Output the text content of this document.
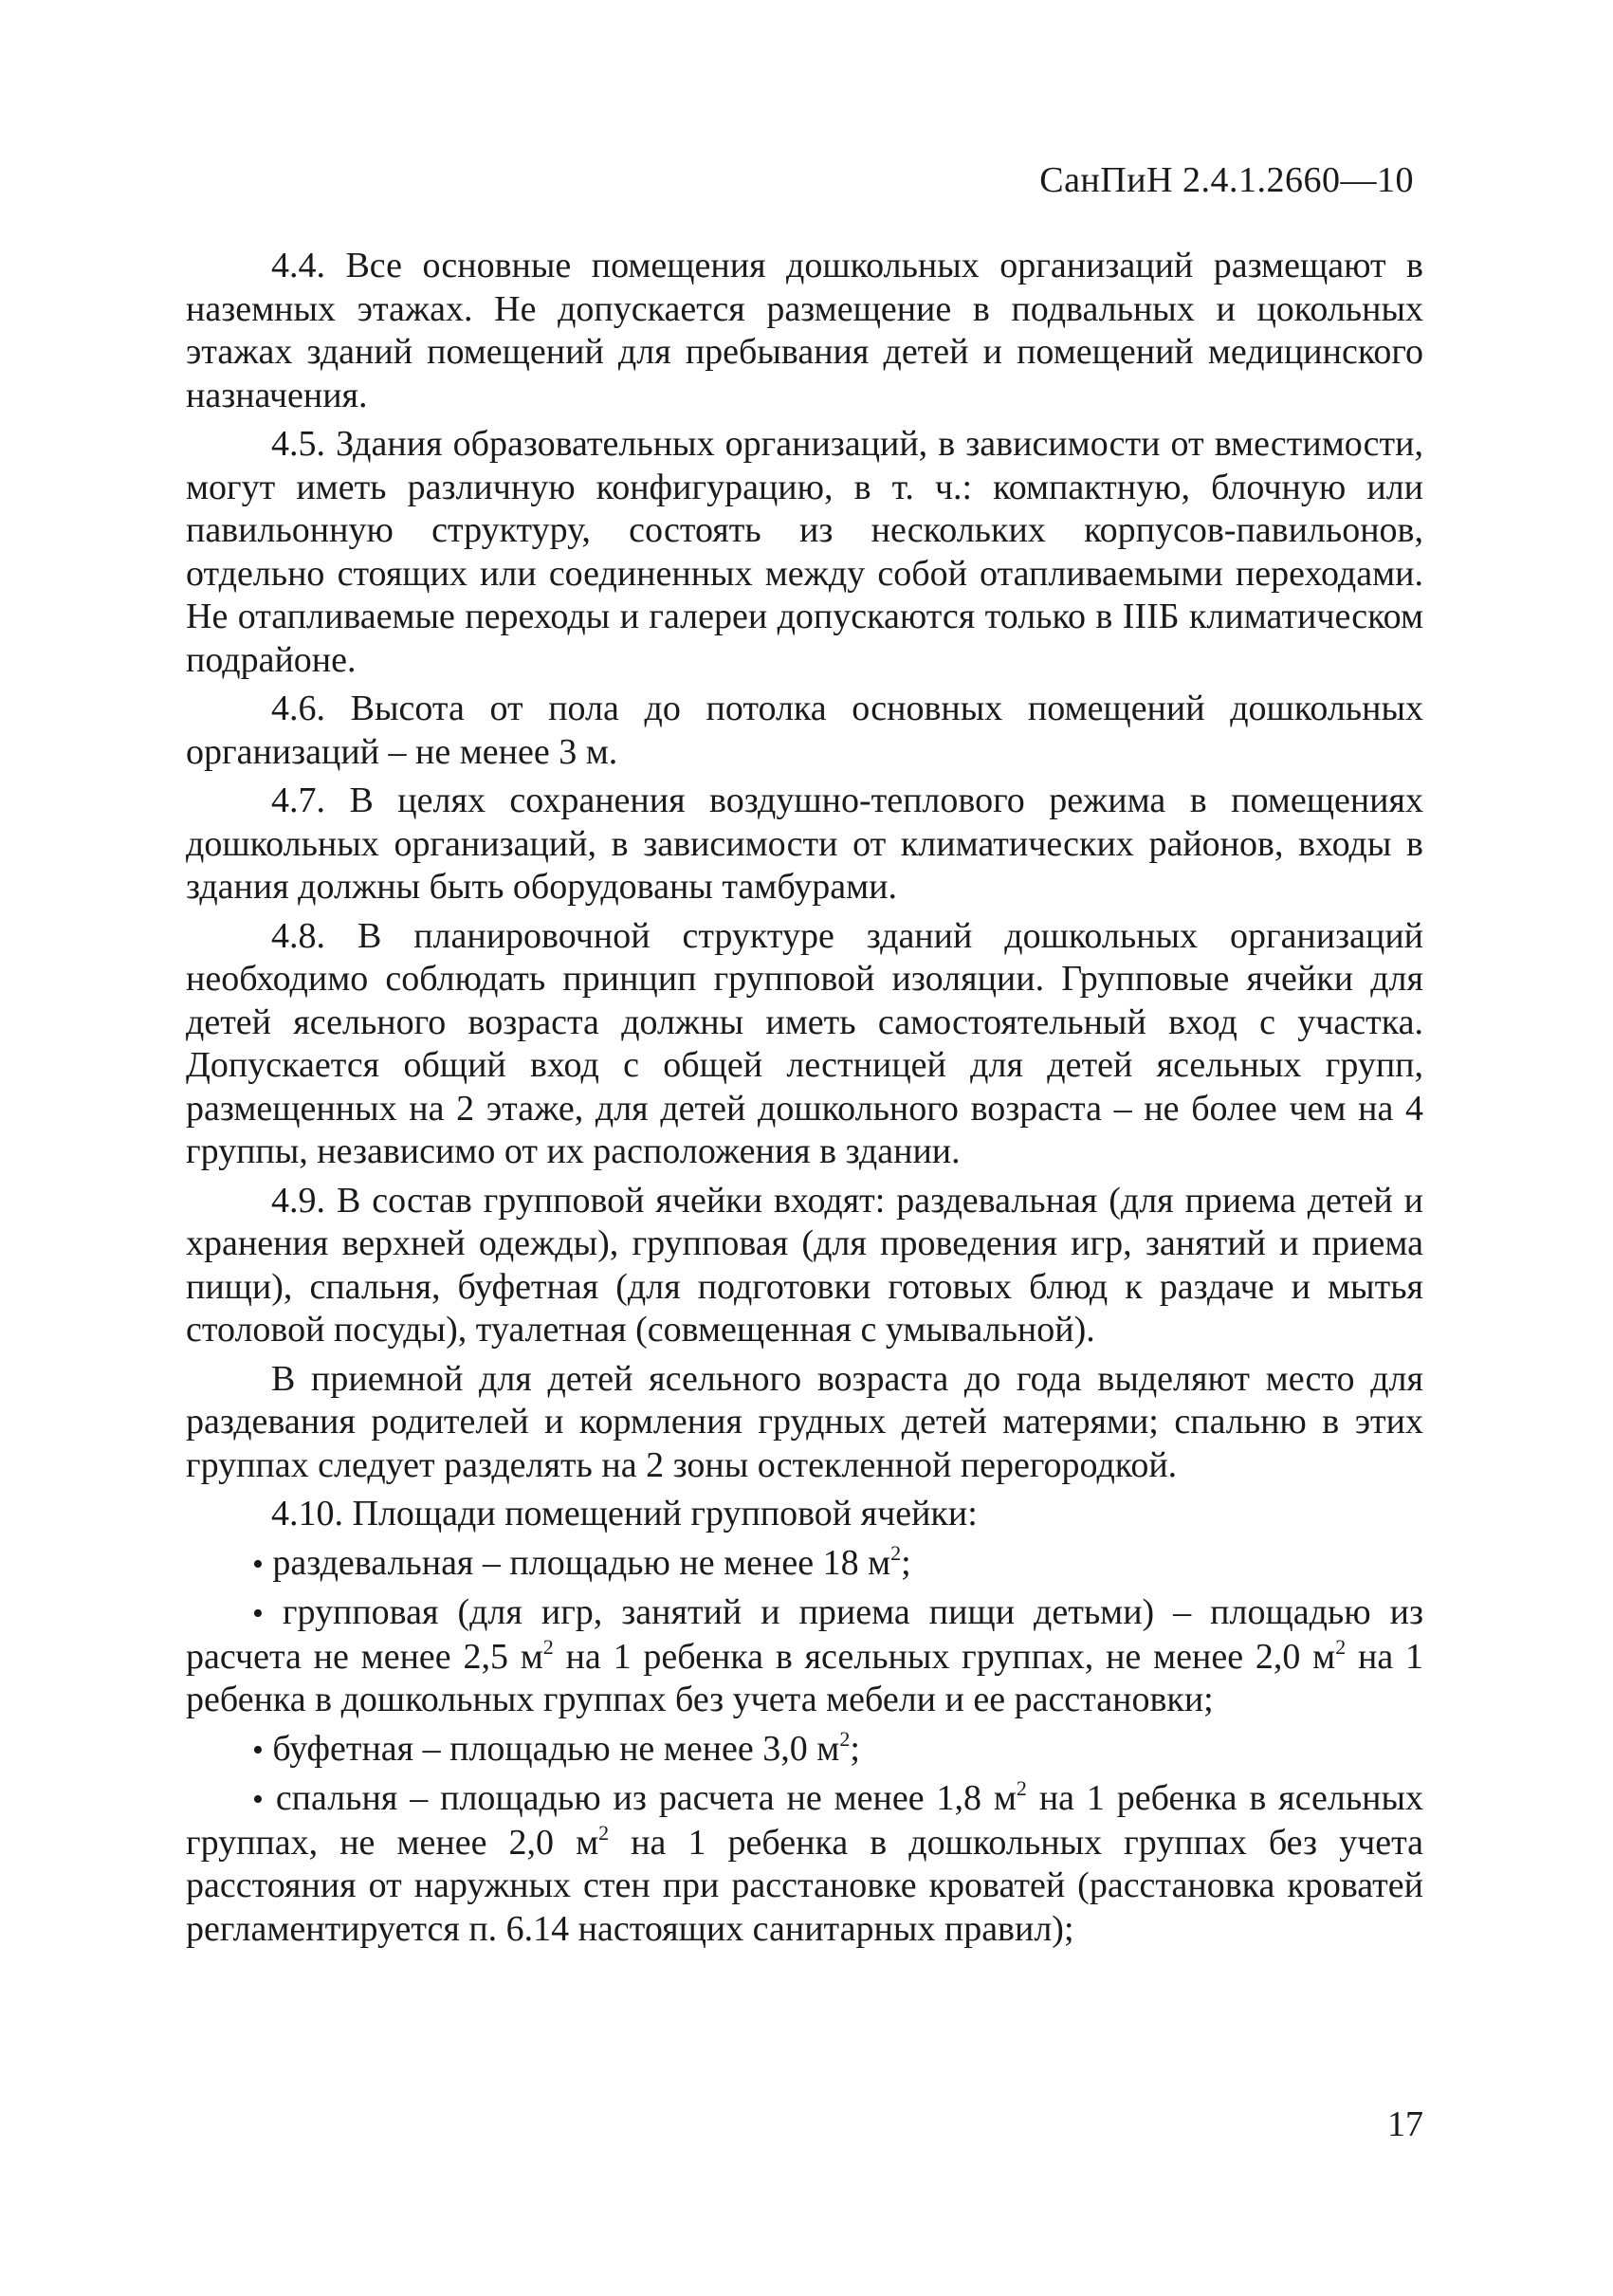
СанПиН 2.4.1.2660—10

4.4. Все основные помещения дошкольных организаций размещают в наземных этажах. Не допускается размещение в подвальных и цокольных этажах зданий помещений для пребывания детей и помещений медицинского назначения.

4.5. Здания образовательных организаций, в зависимости от вместимости, могут иметь различную конфигурацию, в т. ч.: компактную, блочную или павильонную структуру, состоять из нескольких корпусов-павильонов, отдельно стоящих или соединенных между собой отапливаемыми переходами. Не отапливаемые переходы и галереи допускаются только в IIIБ климатическом подрайоне.

4.6. Высота от пола до потолка основных помещений дошкольных организаций – не менее 3 м.

4.7. В целях сохранения воздушно-теплового режима в помещениях дошкольных организаций, в зависимости от климатических районов, входы в здания должны быть оборудованы тамбурами.

4.8. В планировочной структуре зданий дошкольных организаций необходимо соблюдать принцип групповой изоляции. Групповые ячейки для детей ясельного возраста должны иметь самостоятельный вход с участка. Допускается общий вход с общей лестницей для детей ясельных групп, размещенных на 2 этаже, для детей дошкольного возраста – не более чем на 4 группы, независимо от их расположения в здании.

4.9. В состав групповой ячейки входят: раздевальная (для приема детей и хранения верхней одежды), групповая (для проведения игр, занятий и приема пищи), спальня, буфетная (для подготовки готовых блюд к раздаче и мытья столовой посуды), туалетная (совмещенная с умывальной).

В приемной для детей ясельного возраста до года выделяют место для раздевания родителей и кормления грудных детей матерями; спальню в этих группах следует разделять на 2 зоны остекленной перегородкой.

4.10. Площади помещений групповой ячейки:

• раздевальная – площадью не менее 18 $м^2$;

• групповая (для игр, занятий и приема пищи детьми) – площадью из расчета не менее 2,5 $м^2$ на 1 ребенка в ясельных группах, не менее 2,0 $м^2$ на 1 ребенка в дошкольных группах без учета мебели и ее расстановки;

• буфетная – площадью не менее 3,0 $м^2$;

• спальня – площадью из расчета не менее 1,8 $м^2$ на 1 ребенка в ясельных группах, не менее 2,0 $м^2$ на 1 ребенка в дошкольных группах без учета расстояния от наружных стен при расстановке кроватей (расстановка кроватей регламентируется п. 6.14 настоящих санитарных правил);

17
